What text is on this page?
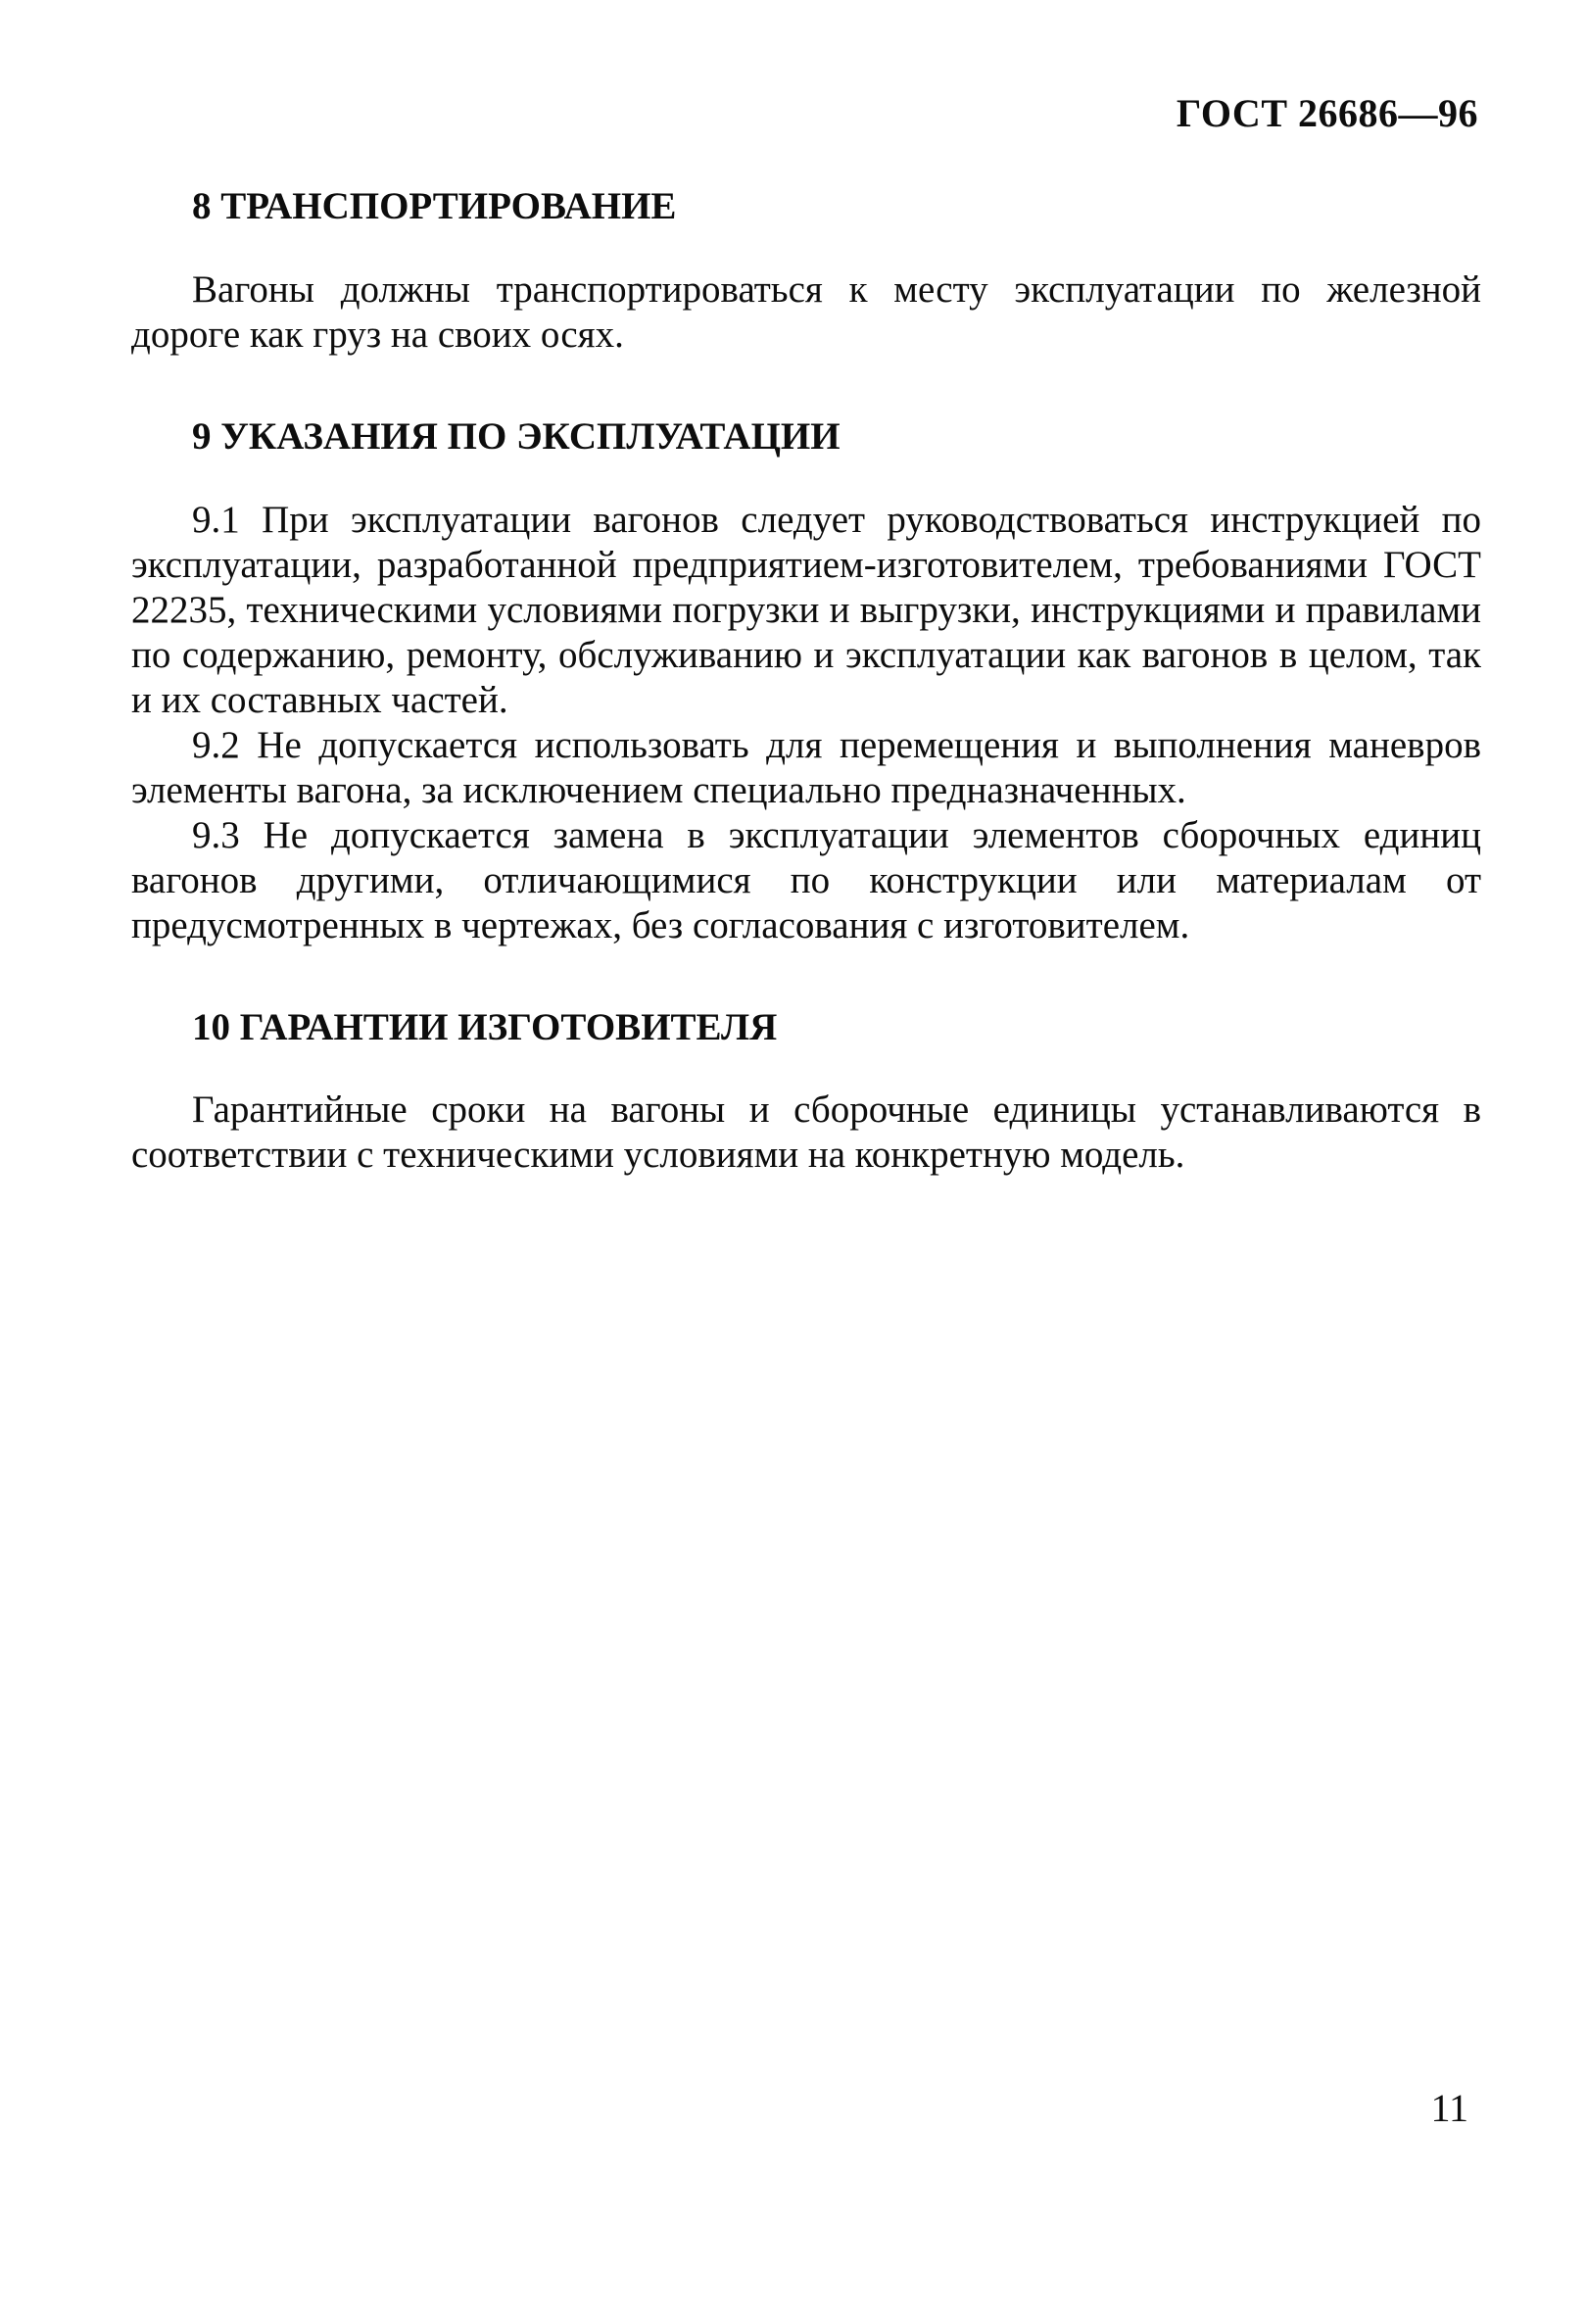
ГОСТ 26686—96
8 ТРАНСПОРТИРОВАНИЕ

Вагоны должны транспортироваться к месту эксплуатации по железной дороге как груз на своих осях.

9 УКАЗАНИЯ ПО ЭКСПЛУАТАЦИИ

9.1 При эксплуатации вагонов следует руководствоваться инструкцией по эксплуатации, разработанной предприятием-изготовителем, требованиями ГОСТ 22235, техническими условиями погрузки и выгрузки, инструкциями и правилами по содержанию, ремонту, обслуживанию и эксплуатации как вагонов в целом, так и их составных частей.

9.2 Не допускается использовать для перемещения и выполнения маневров элементы вагона, за исключением специально предназначенных.

9.3 Не допускается замена в эксплуатации элементов сборочных единиц вагонов другими, отличающимися по конструкции или материалам от предусмотренных в чертежах, без согласования с изготовителем.

10 ГАРАНТИИ ИЗГОТОВИТЕЛЯ

Гарантийные сроки на вагоны и сборочные единицы устанавливаются в соответствии с техническими условиями на конкретную модель.

11
